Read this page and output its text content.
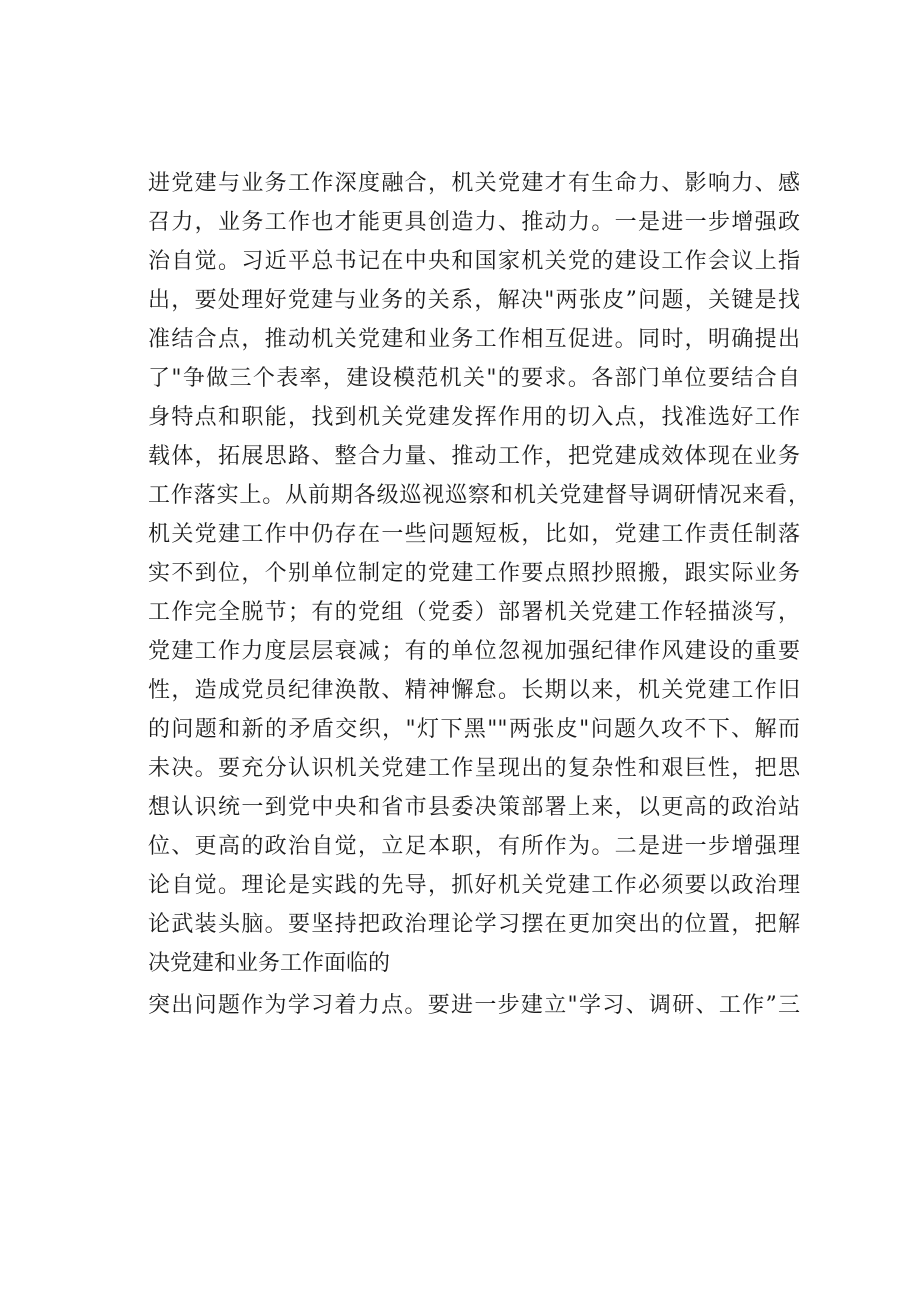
进党建与业务工作深度融合，机关党建才有生命力、影响力、感
召力，业务工作也才能更具创造力、推动力。一是进一步增强政
治自觉。习近平总书记在中央和国家机关党的建设工作会议上指
出，要处理好党建与业务的关系，解决"两张皮”问题，关键是找
准结合点，推动机关党建和业务工作相互促进。同时，明确提出
了"争做三个表率，建设模范机关"的要求。各部门单位要结合自
身特点和职能，找到机关党建发挥作用的切入点，找准选好工作
载体，拓展思路、整合力量、推动工作，把党建成效体现在业务
工作落实上。从前期各级巡视巡察和机关党建督导调研情况来看，
机关党建工作中仍存在一些问题短板，比如，党建工作责任制落
实不到位，个别单位制定的党建工作要点照抄照搬，跟实际业务
工作完全脱节；有的党组（党委）部署机关党建工作轻描淡写，
党建工作力度层层衰减；有的单位忽视加强纪律作风建设的重要
性，造成党员纪律涣散、精神懈怠。长期以来，机关党建工作旧
的问题和新的矛盾交织，"灯下黑""两张皮"问题久攻不下、解而
未决。要充分认识机关党建工作呈现出的复杂性和艰巨性，把思
想认识统一到党中央和省市县委决策部署上来，以更高的政治站
位、更高的政治自觉，立足本职，有所作为。二是进一步增强理
论自觉。理论是实践的先导，抓好机关党建工作必须要以政治理
论武装头脑。要坚持把政治理论学习摆在更加突出的位置，把解
决党建和业务工作面临的
突出问题作为学习着力点。要进一步建立"学习、调研、工作”三
